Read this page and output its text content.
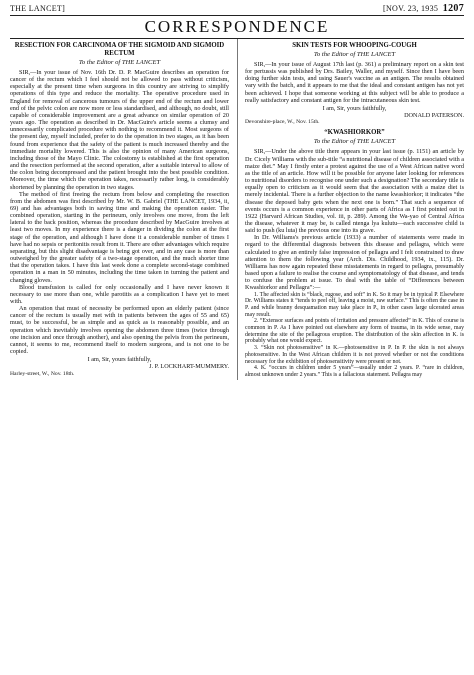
THE LANCET]	[NOV. 23, 1935 1207
CORRESPONDENCE
RESECTION FOR CARCINOMA OF THE SIGMOID AND SIGMOID RECTUM
To the Editor of THE LANCET

SIR,—In your issue of Nov. 16th Dr. D. P. MacGuire describes an operation for cancer of the rectum which I feel should not be allowed to pass without criticism, especially at the present time when surgeons in this country are striving to simplify operations of this type and reduce the mortality. The operative procedure used in England for removal of cancerous tumours of the upper end of the rectum and lower end of the pelvic colon are now more or less standardised, and although, no doubt, still capable of considerable improvement are a great advance on similar operation of 20 years ago. The operation as described in Dr. MacGuire's article seems a clumsy and unnecessarily complicated procedure with nothing to recommend it. Most surgeons of the present day, myself included, prefer to do the operation in two stages, as it has been found from experience that the safety of the patient is much increased thereby and the immediate mortality lowered. This is also the opinion of many American surgeons, including those of the Mayo Clinic. The colostomy is established at the first operation and the resection performed at the second operation, after a suitable interval to allow of the colon being decompressed and the patient brought into the best possible condition. Moreover, the time which the operation takes, necessarily rather long, is considerably shortened by planning the operation in two stages.

The method of first freeing the rectum from below and completing the resection from the abdomen was first described by Mr. W. B. Gabriel (THE LANCET, 1934, ii, 69) and has advantages both in saving time and making the operation easier. The combined operation, starting in the perineum, only involves one move, from the left lateral to the back position, whereas the procedure described by MacGuire involves at least two moves. In my experience there is a danger in dividing the colon at the first stage of the operation, and although I have done it a considerable number of times I have had no sepsis or peritonitis result from it. There are other advantages which require separating, but this slight disadvantage is being got over, and in any case is more than outweighed by the greater safety of a two-stage operation, and the much shorter time that the operation takes. I have this last week done a complete second-stage combined operation in a man in 50 minutes, including the time taken in turning the patient and changing gloves.

Blood transfusion is called for only occasionally and I have never known it necessary to use more than one, while parotitis as a complication I have yet to meet with.

An operation that must of necessity be performed upon an elderly patient (since cancer of the rectum is usually met with in patients between the ages of 55 and 65) must, to be successful, be as simple and as quick as is reasonably possible, and an operation which inevitably involves opening the abdomen three times (twice through one incision and once through another), and also opening the pelvis from the perineum, cannot, it seems to me, recommend itself to modern surgeons, and is not one to be copied.

I am, Sir, yours faithfully,
J. P. LOCKHART-MUMMERY.
Harley-street, W., Nov. 18th.
SKIN TESTS FOR WHOOPING-COUGH
To the Editor of THE LANCET

SIR,—In your issue of August 17th last (p. 361) a preliminary report on a skin test for pertussis was published by Drs. Bailey, Waller, and myself. Since then I have been doing further skin tests, and using Sauer's vaccine as an antigen. The results obtained vary with the batch, and it appears to me that the ideal and constant antigen has not yet been achieved. I hope that someone working at this subject will be able to produce a really satisfactory and constant antigen for the intracutaneous skin test.

I am, Sir, yours faithfully,
DONALD PATERSON.
Devonshire-place, W., Nov. 15th.
“KWASHIORKOR”
To the Editor of THE LANCET

SIR,—Under the above title there appears in your last issue (p. 1151) an article by Dr. Cicely Williams with the sub-title “a nutritional disease of children associated with a maize diet.” May I firstly enter a protest against the use of a West African native word as the title of an article. How will it be possible for anyone later looking for references to nutritional disorders to recognise one under such a designation? The secondary title is equally open to criticism as it would seem that the association with a maize diet is merely incidental. There is a further objection to the name kwashiorkor; it indicates “the disease the deposed baby gets when the next one is born.” That such a sequence of events occurs is a common experience in other parts of Africa as I first pointed out in 1922 (Harvard African Studies, vol. iii, p. 289). Among the Wa-yao of Central Africa the disease, whatever it may be, is called ntenga lya kulutu—each successive child is said to push (ku luta) the previous one into its grave.

In Dr. Williams's previous article (1933) a number of statements were made in regard to the differential diagnosis between this disease and pellagra, which were calculated to give an entirely false impression of pellagra and I felt constrained to draw attention to them the following year (Arch. Dis. Childhood, 1934, ix., 115). Dr. Williams has now again repeated these misstatements in regard to pellagra, presumably based upon a failure to realise the course and symptomatology of that disease, and tends to confuse the problem at issue. To deal with the table of “Differences between Kwashiorkor and Pellagra”:—

1. The affected skin is “black, rugose, and soft” in K. So it may be in typical P. Elsewhere Dr. Williams states it “tends to peel off, leaving a moist, raw surface.” This is often the case in P. and while branny desquamation may take place in P., in other cases large ulcerated areas may result.
2. “Extensor surfaces and points of irritation and pressure affected” in K. This of course is common in P. As I have pointed out elsewhere any form of trauma, in its wide sense, may determine the site of the pellagrous eruption. The distribution of the skin affection in K. is probably what one would expect.
3. “Skin not photosensitive” in K.—photosensitive in P. In P. the skin is not always photosensitive. In the West African children it is not proved whether or not the conditions necessary for the exhibition of photosensitivity were present or not.
4. K. “occurs in children under 5 years”—usually under 2 years. P. “rare in children, almost unknown under 2 years.” This is a fallacious statement. Pellagra may
